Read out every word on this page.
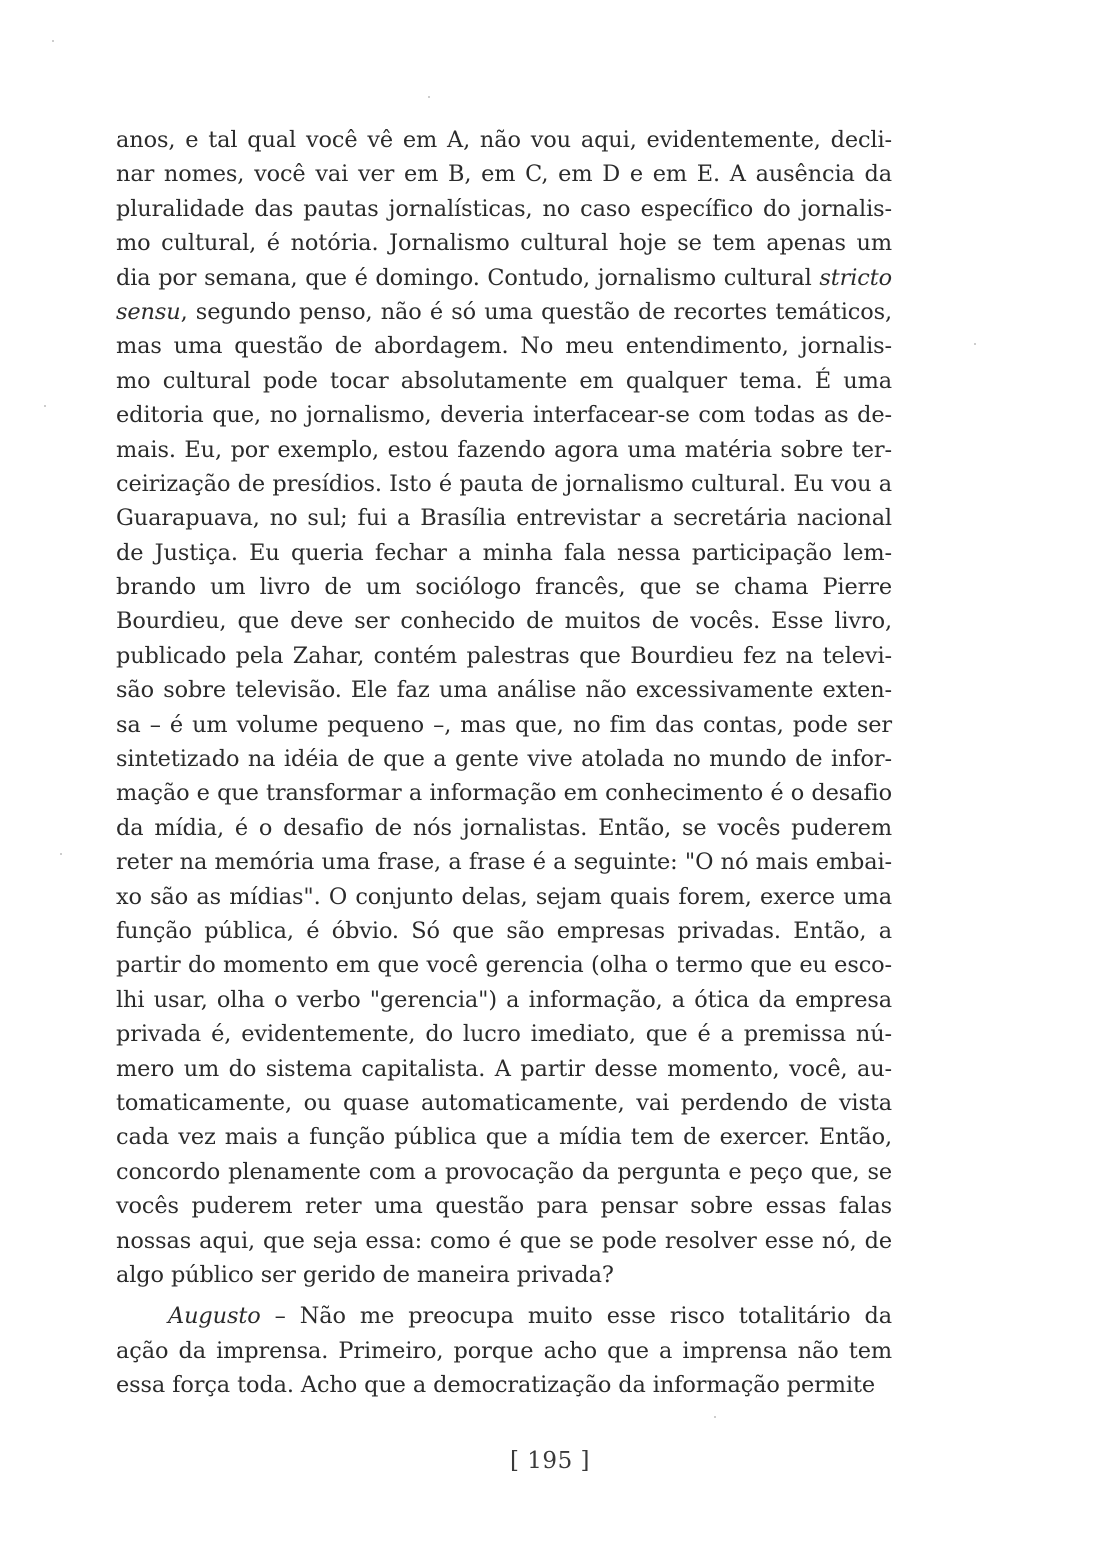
anos, e tal qual você vê em A, não vou aqui, evidentemente, decli-
nar nomes, você vai ver em B, em C, em D e em E. A ausência da
pluralidade das pautas jornalísticas, no caso específico do jornalis-
mo cultural, é notória. Jornalismo cultural hoje se tem apenas um
dia por semana, que é domingo. Contudo, jornalismo cultural stricto
sensu, segundo penso, não é só uma questão de recortes temáticos,
mas uma questão de abordagem. No meu entendimento, jornalis-
mo cultural pode tocar absolutamente em qualquer tema. É uma
editoria que, no jornalismo, deveria interfacear-se com todas as de-
mais. Eu, por exemplo, estou fazendo agora uma matéria sobre ter-
ceirização de presídios. Isto é pauta de jornalismo cultural. Eu vou a
Guarapuava, no sul; fui a Brasília entrevistar a secretária nacional
de Justiça. Eu queria fechar a minha fala nessa participação lem-
brando um livro de um sociólogo francês, que se chama Pierre
Bourdieu, que deve ser conhecido de muitos de vocês. Esse livro,
publicado pela Zahar, contém palestras que Bourdieu fez na televi-
são sobre televisão. Ele faz uma análise não excessivamente exten-
sa – é um volume pequeno –, mas que, no fim das contas, pode ser
sintetizado na idéia de que a gente vive atolada no mundo de infor-
mação e que transformar a informação em conhecimento é o desafio
da mídia, é o desafio de nós jornalistas. Então, se vocês puderem
reter na memória uma frase, a frase é a seguinte: "O nó mais embai-
xo são as mídias". O conjunto delas, sejam quais forem, exerce uma
função pública, é óbvio. Só que são empresas privadas. Então, a
partir do momento em que você gerencia (olha o termo que eu esco-
lhi usar, olha o verbo "gerencia") a informação, a ótica da empresa
privada é, evidentemente, do lucro imediato, que é a premissa nú-
mero um do sistema capitalista. A partir desse momento, você, au-
tomaticamente, ou quase automaticamente, vai perdendo de vista
cada vez mais a função pública que a mídia tem de exercer. Então,
concordo plenamente com a provocação da pergunta e peço que, se
vocês puderem reter uma questão para pensar sobre essas falas
nossas aqui, que seja essa: como é que se pode resolver esse nó, de
algo público ser gerido de maneira privada?
Augusto – Não me preocupa muito esse risco totalitário da
ação da imprensa. Primeiro, porque acho que a imprensa não tem
essa força toda. Acho que a democratização da informação permite
[ 195 ]
